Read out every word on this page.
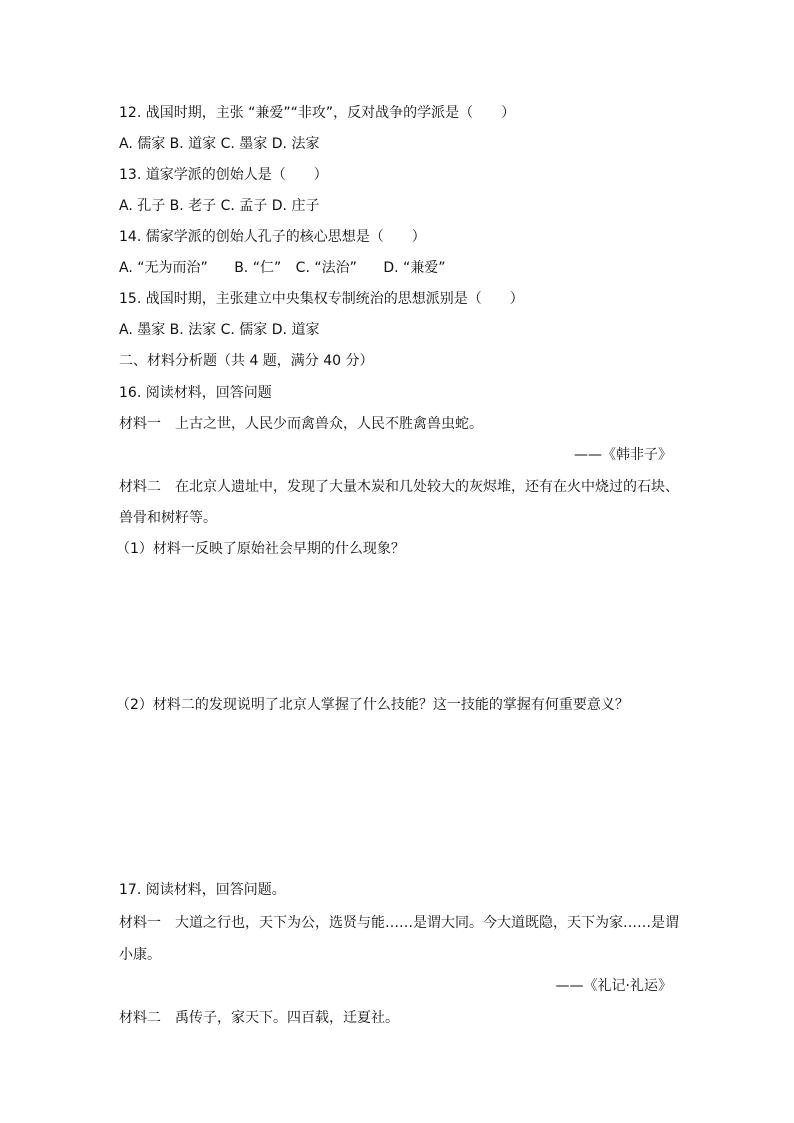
12. 战国时期，主张 “兼爱”“非攻”，反对战争的学派是（　　）
A. 儒家 B. 道家 C. 墨家 D. 法家
13. 道家学派的创始人是（　　）
A. 孔子 B. 老子 C. 孟子 D. 庄子
14. 儒家学派的创始人孔子的核心思想是（　　）
A. “无为而治” B. “仁” C. “法治” D. “兼爱”
15. 战国时期，主张建立中央集权专制统治的思想派别是（　　）
A. 墨家 B. 法家 C. 儒家 D. 道家
二、材料分析题（共 4 题，满分 40 分）
16. 阅读材料，回答问题
材料一　上古之世，人民少而禽兽众，人民不胜禽兽虫蛇。
——《韩非子》
材料二　在北京人遗址中，发现了大量木炭和几处较大的灰烬堆，还有在火中烧过的石块、
兽骨和树籽等。
（1）材料一反映了原始社会早期的什么现象？
（2）材料二的发现说明了北京人掌握了什么技能？这一技能的掌握有何重要意义？
17. 阅读材料，回答问题。
材料一　大道之行也，天下为公，选贤与能……是谓大同。今大道既隐，天下为家……是谓
小康。
——《礼记·礼运》
材料二　禹传子，家天下。四百载，迁夏社。
